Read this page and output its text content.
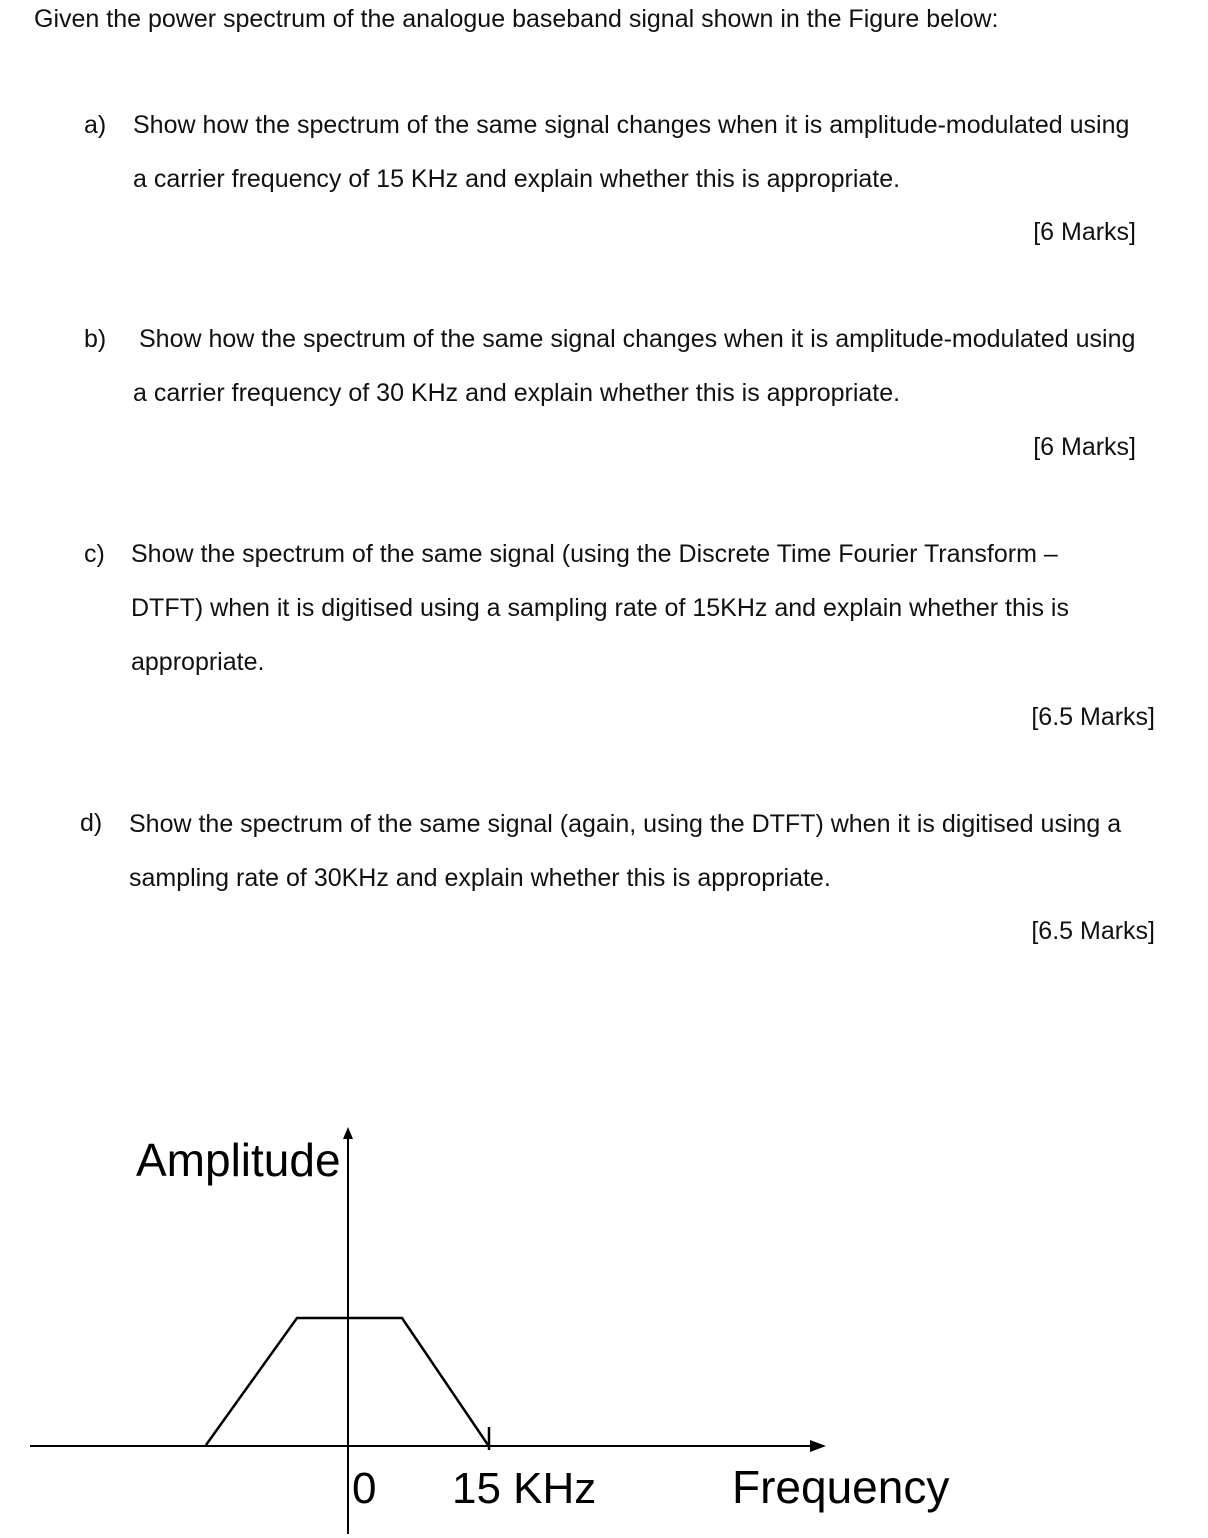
Given the power spectrum of the analogue baseband signal shown in the Figure below:
a) Show how the spectrum of the same signal changes when it is amplitude-modulated using a carrier frequency of 15 KHz and explain whether this is appropriate.
[6 Marks]
b) Show how the spectrum of the same signal changes when it is amplitude-modulated using a carrier frequency of 30 KHz and explain whether this is appropriate.
[6 Marks]
c) Show the spectrum of the same signal (using the Discrete Time Fourier Transform – DTFT) when it is digitised using a sampling rate of 15KHz and explain whether this is appropriate.
[6.5 Marks]
d) Show the spectrum of the same signal (again, using the DTFT) when it is digitised using a sampling rate of 30KHz and explain whether this is appropriate.
[6.5 Marks]
Amplitude
0 15 KHz	Frequency
